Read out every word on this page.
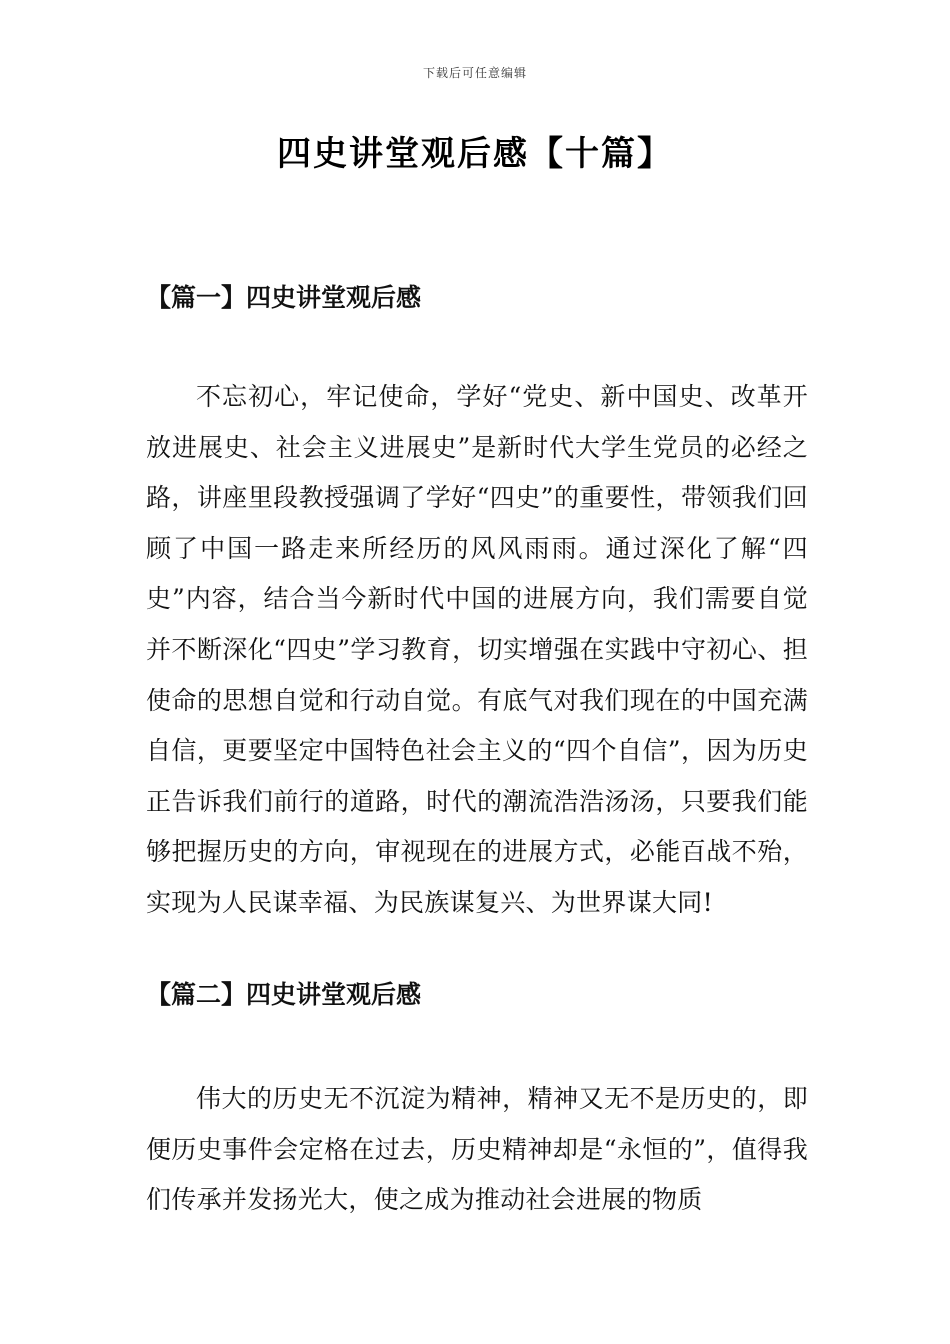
下载后可任意编辑
四史讲堂观后感【十篇】
【篇一】四史讲堂观后感

不忘初心，牢记使命，学好“党史、新中国史、改革开放进展史、社会主义进展史”是新时代大学生党员的必经之路，讲座里段教授强调了学好“四史”的重要性，带领我们回顾了中国一路走来所经历的风风雨雨。通过深化了解“四史”内容，结合当今新时代中国的进展方向，我们需要自觉并不断深化“四史”学习教育，切实增强在实践中守初心、担使命的思想自觉和行动自觉。有底气对我们现在的中国充满自信，更要坚定中国特色社会主义的“四个自信”，因为历史正告诉我们前行的道路，时代的潮流浩浩汤汤，只要我们能够把握历史的方向，审视现在的进展方式，必能百战不殆，实现为人民谋幸福、为民族谋复兴、为世界谋大同!

【篇二】四史讲堂观后感

伟大的历史无不沉淀为精神，精神又无不是历史的，即便历史事件会定格在过去，历史精神却是“永恒的”，值得我们传承并发扬光大，使之成为推动社会进展的物质
